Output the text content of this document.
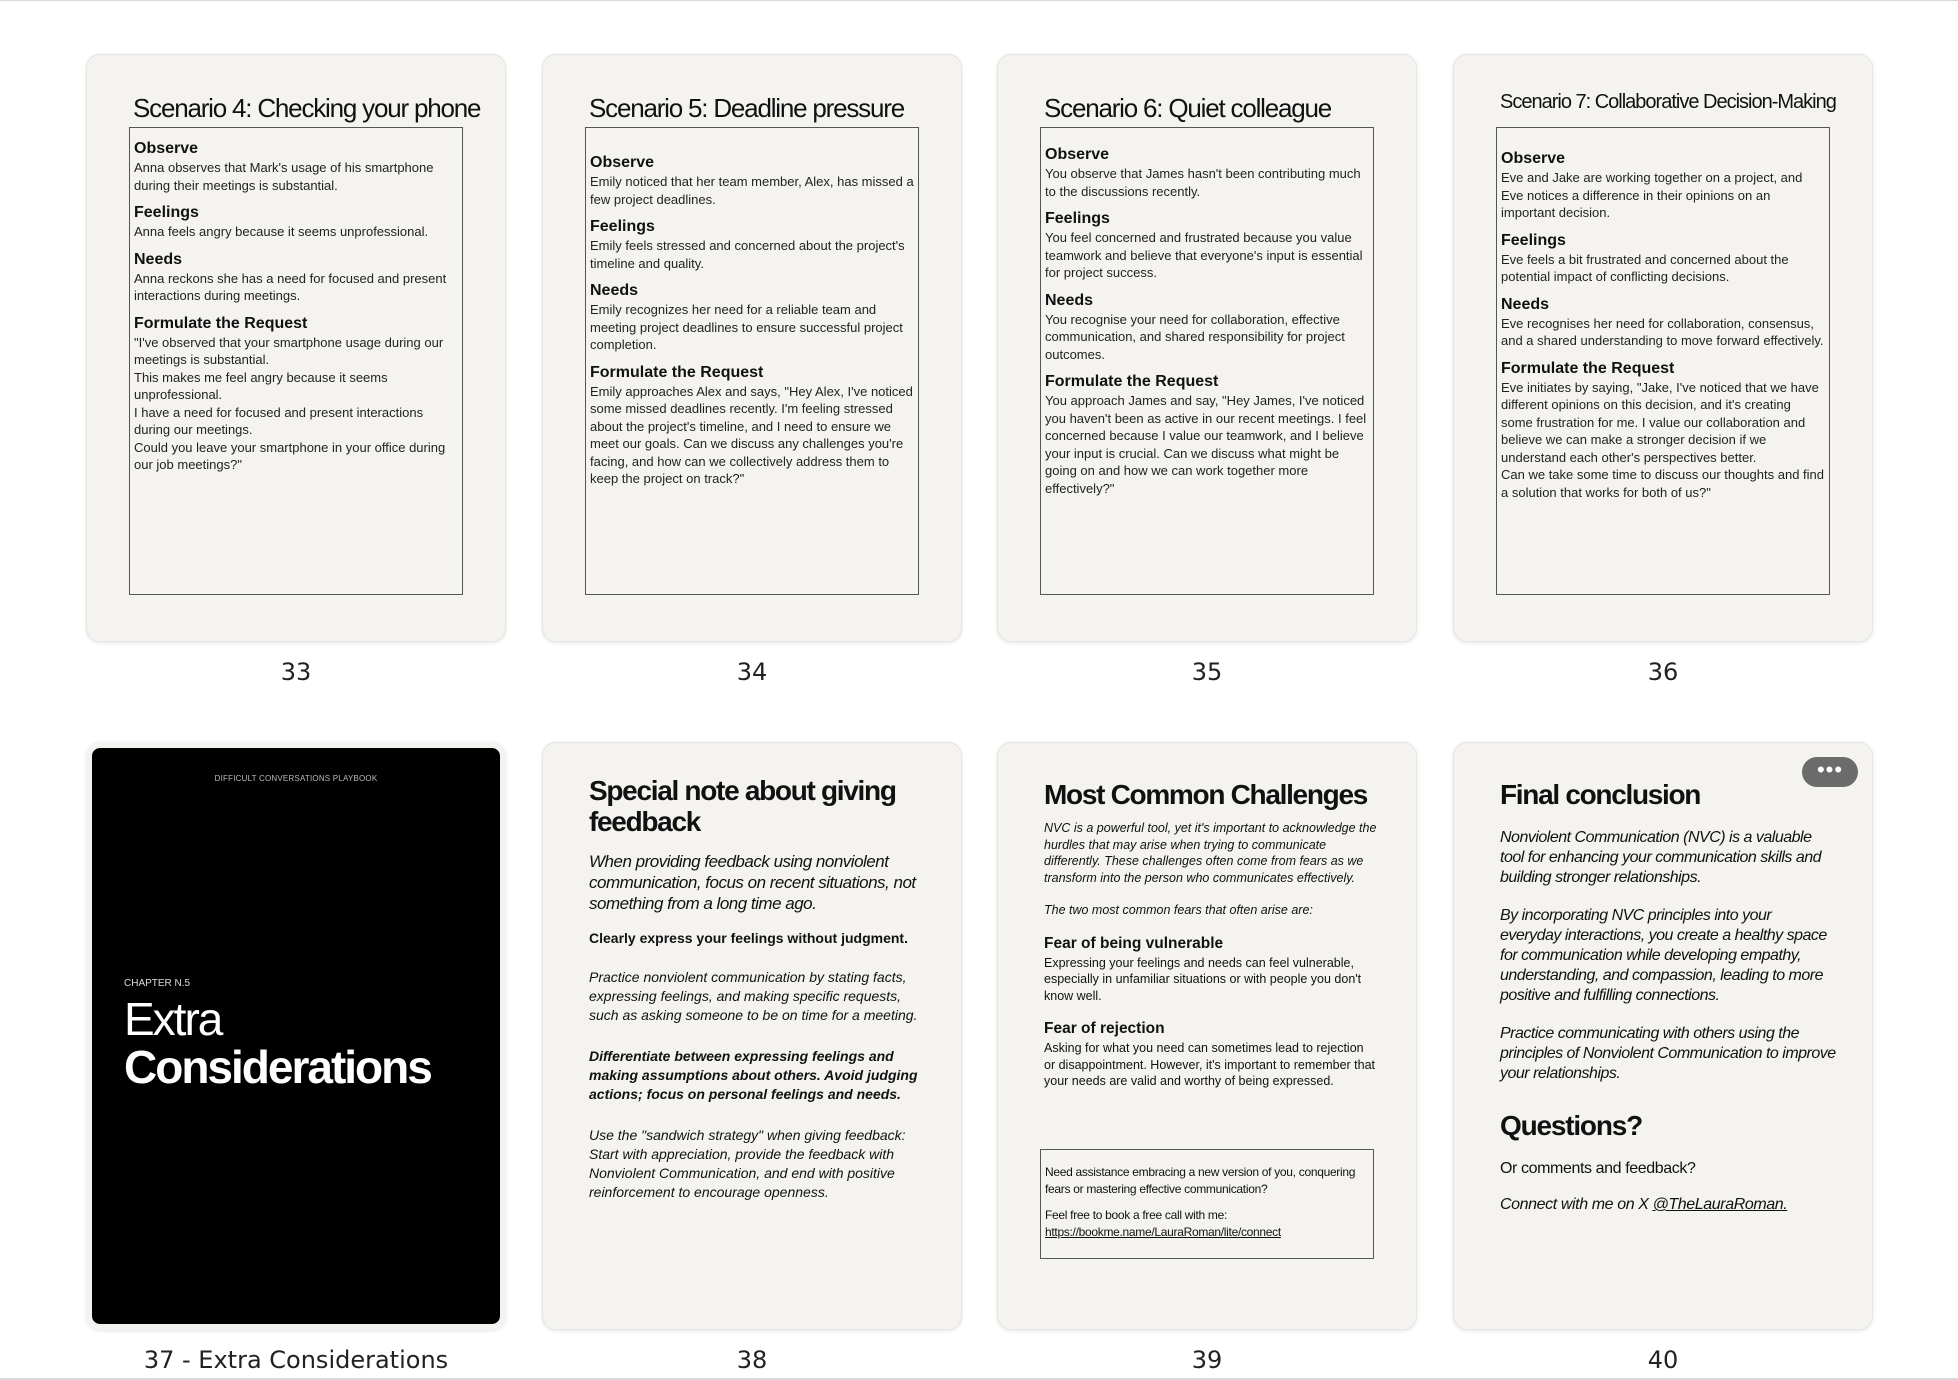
Scenario 4: Checking your phone
Observe

Anna observes that Mark's usage of his smartphone during their meetings is substantial.

Feelings

Anna feels angry because it seems unprofessional.

Needs

Anna reckons she has a need for focused and present interactions during meetings.

Formulate the Request

"I've observed that your smartphone usage during our meetings is substantial.
This makes me feel angry because it seems unprofessional.
I have a need for focused and present interactions during our meetings.
Could you leave your smartphone in your office during our job meetings?"

33
Scenario 5: Deadline pressure
Observe

Emily noticed that her team member, Alex, has missed a few project deadlines.

Feelings

Emily feels stressed and concerned about the project's timeline and quality.

Needs

Emily recognizes her need for a reliable team and meeting project deadlines to ensure successful project completion.

Formulate the Request

Emily approaches Alex and says, "Hey Alex, I've noticed some missed deadlines recently. I'm feeling stressed about the project's timeline, and I need to ensure we meet our goals. Can we discuss any challenges you're facing, and how can we collectively address them to keep the project on track?"

34
Scenario 6: Quiet colleague
Observe

You observe that James hasn't been contributing much to the discussions recently.

Feelings

You feel concerned and frustrated because you value teamwork and believe that everyone's input is essential for project success.

Needs

You recognise your need for collaboration, effective communication, and shared responsibility for project outcomes.

Formulate the Request

You approach James and say, "Hey James, I've noticed you haven't been as active in our recent meetings. I feel concerned because I value our teamwork, and I believe your input is crucial. Can we discuss what might be going on and how we can work together more effectively?"

35
Scenario 7: Collaborative Decision-Making
Observe

Eve and Jake are working together on a project, and Eve notices a difference in their opinions on an important decision.

Feelings

Eve feels a bit frustrated and concerned about the potential impact of conflicting decisions.

Needs

Eve recognises her need for collaboration, consensus, and a shared understanding to move forward effectively.

Formulate the Request

Eve initiates by saying, "Jake, I've noticed that we have different opinions on this decision, and it's creating some frustration for me. I value our collaboration and believe we can make a stronger decision if we understand each other's perspectives better.
Can we take some time to discuss our thoughts and find a solution that works for both of us?"

36
DIFFICULT CONVERSATIONS PLAYBOOK
CHAPTER N.5
Extra
Considerations
37 - Extra Considerations

Special note about giving feedback

When providing feedback using nonviolent communication, focus on recent situations, not something from a long time ago.

Clearly express your feelings without judgment.

Practice nonviolent communication by stating facts, expressing feelings, and making specific requests, such as asking someone to be on time for a meeting.

Differentiate between expressing feelings and making assumptions about others. Avoid judging actions; focus on personal feelings and needs.

Use the "sandwich strategy" when giving feedback: Start with appreciation, provide the feedback with Nonviolent Communication, and end with positive reinforcement to encourage openness.

38

Most Common Challenges

NVC is a powerful tool, yet it's important to acknowledge the hurdles that may arise when trying to communicate differently. These challenges often come from fears as we transform into the person who communicates effectively.

The two most common fears that often arise are:

Fear of being vulnerable

Expressing your feelings and needs can feel vulnerable, especially in unfamiliar situations or with people you don't know well.

Fear of rejection

Asking for what you need can sometimes lead to rejection or disappointment. However, it's important to remember that your needs are valid and worthy of being expressed.

Need assistance embracing a new version of you, conquering fears or mastering effective communication?
Feel free to book a free call with me:
https://bookme.name/LauraRoman/lite/connect
39
•••

Final conclusion

Nonviolent Communication (NVC) is a valuable tool for enhancing your communication skills and building stronger relationships.

By incorporating NVC principles into your everyday interactions, you create a healthy space for communication while developing empathy, understanding, and compassion, leading to more positive and fulfilling connections.

Practice communicating with others using the principles of Nonviolent Communication to improve your relationships.

Questions?

Or comments and feedback?

Connect with me on X @TheLauraRoman.

40
